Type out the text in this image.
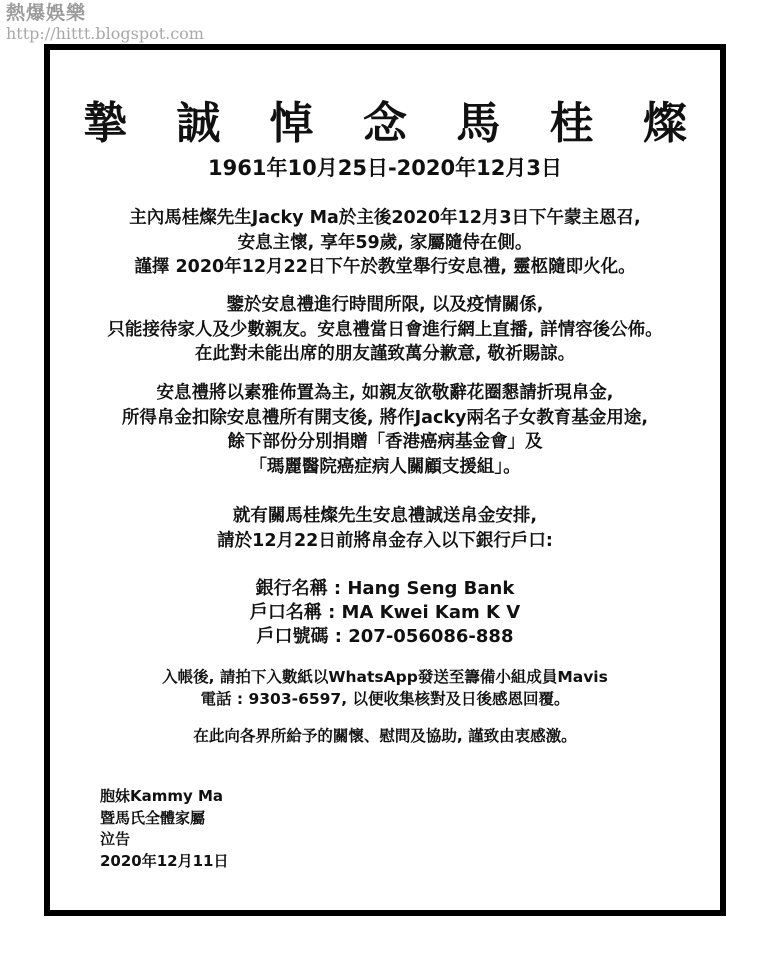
熱爆娛樂
http://hittt.blogspot.com
摯 誠 悼 念 馬 桂 燦
1961年10月25日-2020年12月3日
主內馬桂燦先生Jacky Ma於主後2020年12月3日下午蒙主恩召,
安息主懷, 享年59歲, 家屬隨侍在側。
謹擇 2020年12月22日下午於教堂舉行安息禮, 靈柩隨即火化。
鑒於安息禮進行時間所限, 以及疫情關係,
只能接待家人及少數親友。安息禮當日會進行網上直播, 詳情容後公佈。
在此對未能出席的朋友謹致萬分歉意, 敬祈賜諒。
安息禮將以素雅佈置為主, 如親友欲敬辭花圈懇請折現帛金,
所得帛金扣除安息禮所有開支後, 將作Jacky兩名子女教育基金用途,
餘下部份分別捐贈「香港癌病基金會」及
「瑪麗醫院癌症病人關顧支援組」。
就有關馬桂燦先生安息禮誠送帛金安排,
請於12月22日前將帛金存入以下銀行戶口:
銀行名稱 : Hang Seng Bank
戶口名稱 : MA Kwei Kam K V
戶口號碼 : 207-056086-888
入帳後, 請拍下入數紙以WhatsApp發送至籌備小組成員Mavis
電話 : 9303-6597, 以便收集核對及日後感恩回覆。
在此向各界所給予的關懷、慰問及協助, 謹致由衷感激。
胞妹Kammy Ma
暨馬氏全體家屬
泣告
2020年12月11日
